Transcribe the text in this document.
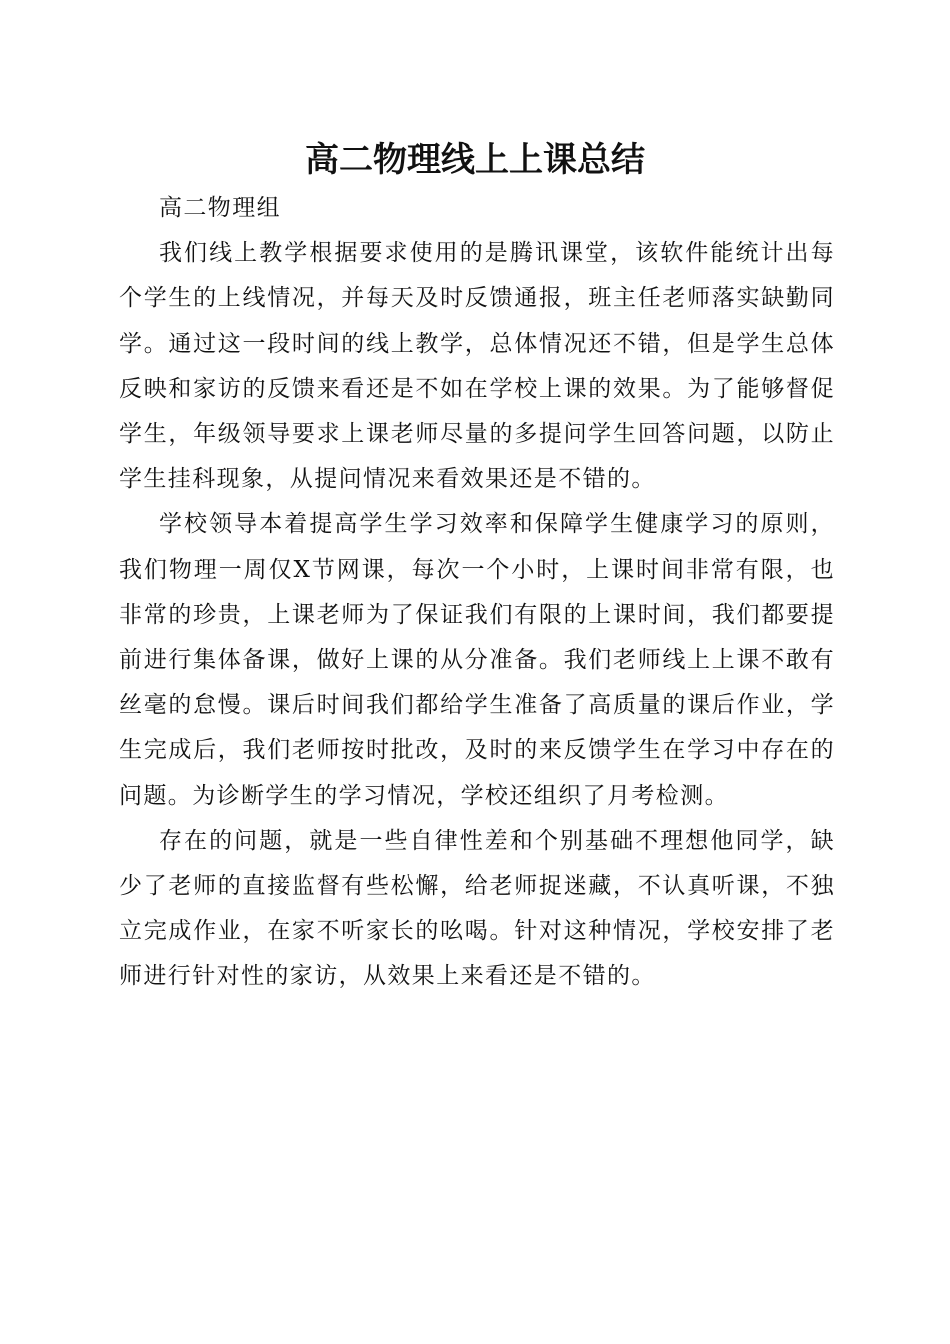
高二物理线上上课总结

高二物理组

我们线上教学根据要求使用的是腾讯课堂，该软件能统计出每个学生的上线情况，并每天及时反馈通报，班主任老师落实缺勤同学。通过这一段时间的线上教学，总体情况还不错，但是学生总体反映和家访的反馈来看还是不如在学校上课的效果。为了能够督促学生，年级领导要求上课老师尽量的多提问学生回答问题，以防止学生挂科现象，从提问情况来看效果还是不错的。

学校领导本着提高学生学习效率和保障学生健康学习的原则，我们物理一周仅X节网课，每次一个小时，上课时间非常有限，也非常的珍贵，上课老师为了保证我们有限的上课时间，我们都要提前进行集体备课，做好上课的从分准备。我们老师线上上课不敢有丝毫的怠慢。课后时间我们都给学生准备了高质量的课后作业，学生完成后，我们老师按时批改，及时的来反馈学生在学习中存在的问题。为诊断学生的学习情况，学校还组织了月考检测。

存在的问题，就是一些自律性差和个别基础不理想他同学，缺少了老师的直接监督有些松懈，给老师捉迷藏，不认真听课，不独立完成作业，在家不听家长的吆喝。针对这种情况，学校安排了老师进行针对性的家访，从效果上来看还是不错的。
